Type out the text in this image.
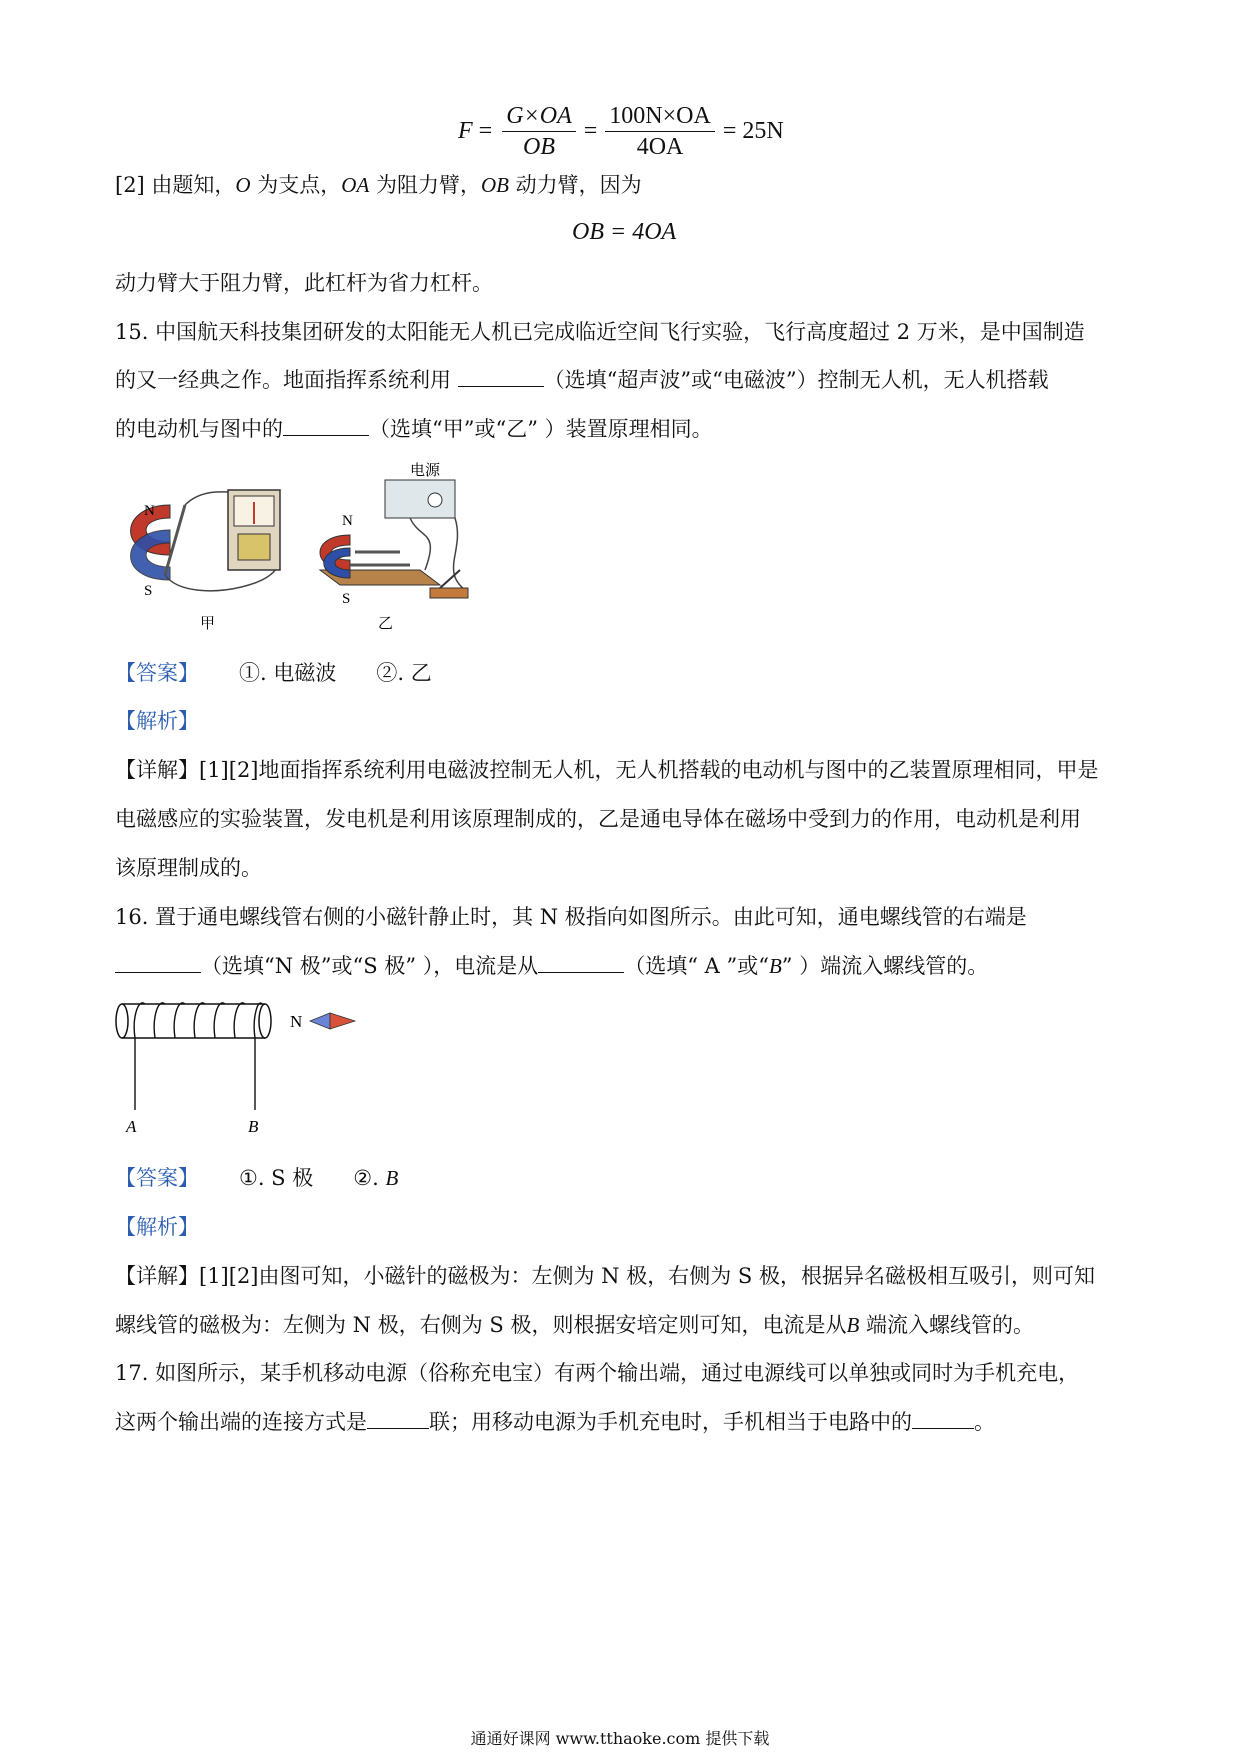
$F = \frac{G\times OA}{OB} = \frac{100N\times OA}{4OA} = 25N$
[2] 由题知，O 为支点，OA 为阻力臂，OB 动力臂，因为
OB = 4OA
动力臂大于阻力臂，此杠杆为省力杠杆。
15. 中国航天科技集团研发的太阳能无人机已完成临近空间飞行实验，飞行高度超过 2 万米，是中国制造
的又一经典之作。地面指挥系统利用	（选填“超声波”或“电磁波”）控制无人机，无人机搭载
的电动机与图中的	（选填“甲”或“乙” ）装置原理相同。
N
S
甲
电源
N
S
乙
【答案】 ①. 电磁波 ②. 乙
【解析】
【详解】[1][2]地面指挥系统利用电磁波控制无人机，无人机搭载的电动机与图中的乙装置原理相同，甲是
电磁感应的实验装置，发电机是利用该原理制成的，乙是通电导体在磁场中受到力的作用，电动机是利用
该原理制成的。
16. 置于通电螺线管右侧的小磁针静止时，其 N 极指向如图所示。由此可知，通电螺线管的右端是
（选填“N 极”或“S 极” ），电流是从	（选填“ A ”或“B” ）端流入螺线管的。
N
A	B
【答案】 ①. S 极 ②. B
【解析】
【详解】[1][2]由图可知，小磁针的磁极为：左侧为 N 极，右侧为 S 极，根据异名磁极相互吸引，则可知
螺线管的磁极为：左侧为 N 极，右侧为 S 极，则根据安培定则可知，电流是从B 端流入螺线管的。
17. 如图所示，某手机移动电源（俗称充电宝）有两个输出端，通过电源线可以单独或同时为手机充电，
这两个输出端的连接方式是	联；用移动电源为手机充电时，手机相当于电路中的	。
通通好课网 www.tthaoke.com 提供下载
